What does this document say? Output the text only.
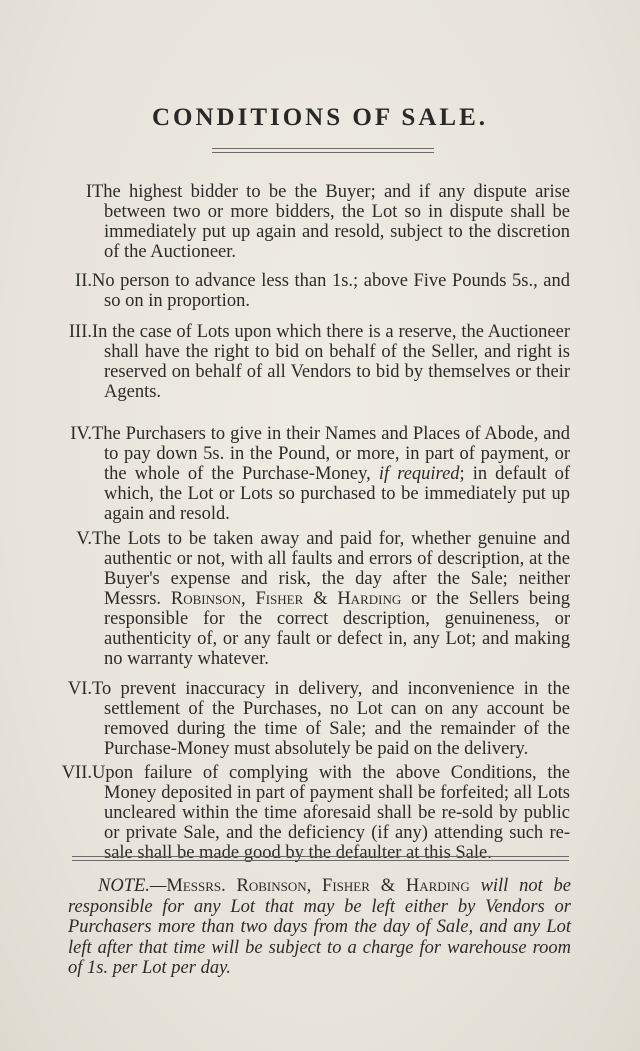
CONDITIONS OF SALE.
I The highest bidder to be the Buyer; and if any dispute arise between two or more bidders, the Lot so in dispute shall be immediately put up again and resold, subject to the discretion of the Auctioneer.
II. No person to advance less than 1s.; above Five Pounds 5s., and so on in proportion.
III. In the case of Lots upon which there is a reserve, the Auctioneer shall have the right to bid on behalf of the Seller, and right is reserved on behalf of all Vendors to bid by themselves or their Agents.
IV. The Purchasers to give in their Names and Places of Abode, and to pay down 5s. in the Pound, or more, in part of payment, or the whole of the Purchase-Money, if required; in default of which, the Lot or Lots so purchased to be immediately put up again and resold.
V. The Lots to be taken away and paid for, whether genuine and authentic or not, with all faults and errors of description, at the Buyer's expense and risk, the day after the Sale; neither Messrs. Robinson, Fisher & Harding or the Sellers being responsible for the correct description, genuineness, or authenticity of, or any fault or defect in, any Lot; and making no warranty whatever.
VI. To prevent inaccuracy in delivery, and inconvenience in the settlement of the Purchases, no Lot can on any account be removed during the time of Sale; and the remainder of the Purchase-Money must absolutely be paid on the delivery.
VII. Upon failure of complying with the above Conditions, the Money deposited in part of payment shall be forfeited; all Lots uncleared within the time aforesaid shall be re-sold by public or private Sale, and the deficiency (if any) attending such re-sale shall be made good by the defaulter at this Sale.
NOTE.—Messrs. Robinson, Fisher & Harding will not be responsible for any Lot that may be left either by Vendors or Purchasers more than two days from the day of Sale, and any Lot left after that time will be subject to a charge for warehouse room of 1s. per Lot per day.
